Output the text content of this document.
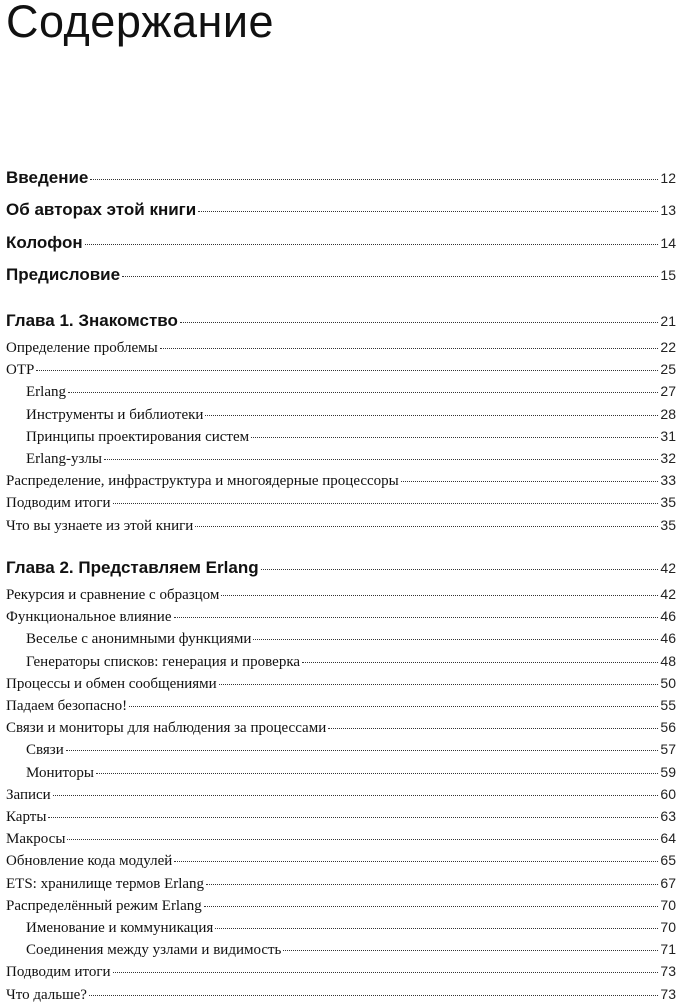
Содержание
Введение	12
Об авторах этой книги	13
Колофон	14
Предисловие	15
Глава 1. Знакомство	21
Определение проблемы	22
OTP	25
Erlang	27
Инструменты и библиотеки	28
Принципы проектирования систем	31
Erlang-узлы	32
Распределение, инфраструктура и многоядерные процессоры	33
Подводим итоги	35
Что вы узнаете из этой книги	35
Глава 2. Представляем Erlang	42
Рекурсия и сравнение с образцом	42
Функциональное влияние	46
Веселье с анонимными функциями	46
Генераторы списков: генерация и проверка	48
Процессы и обмен сообщениями	50
Падаем безопасно!	55
Связи и мониторы для наблюдения за процессами	56
Связи	57
Мониторы	59
Записи	60
Карты	63
Макросы	64
Обновление кода модулей	65
ETS: хранилище термов Erlang	67
Распределённый режим Erlang	70
Именование и коммуникация	70
Соединения между узлами и видимость	71
Подводим итоги	73
Что дальше?	73
